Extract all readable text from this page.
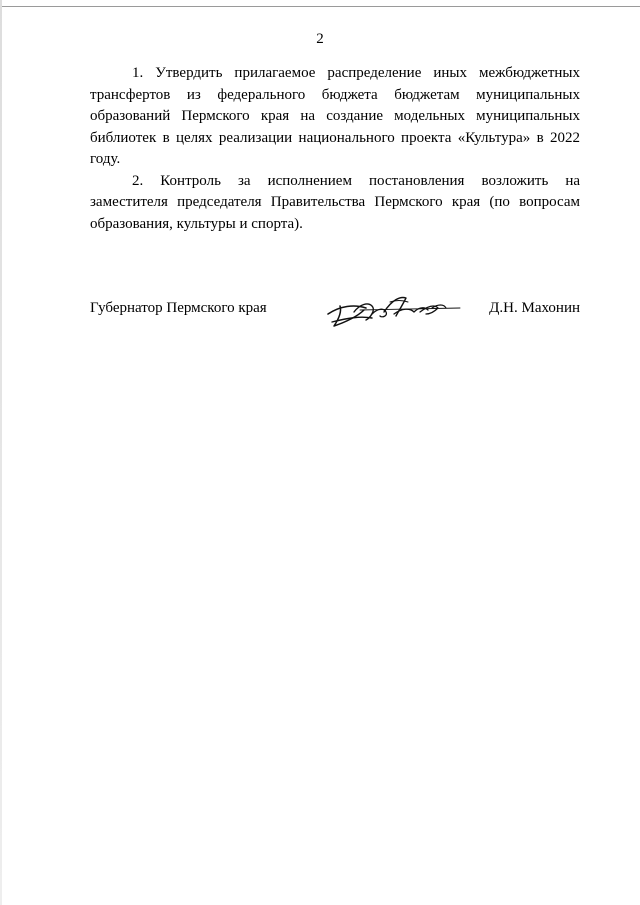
2

1. Утвердить прилагаемое распределение иных межбюджетных трансфертов из федерального бюджета бюджетам муниципальных образований Пермского края на создание модельных муниципальных библиотек в целях реализации национального проекта «Культура» в 2022 году.

2. Контроль за исполнением постановления возложить на заместителя председателя Правительства Пермского края (по вопросам образования, культуры и спорта).

Губернатор Пермского края	Д.Н. Махонин
